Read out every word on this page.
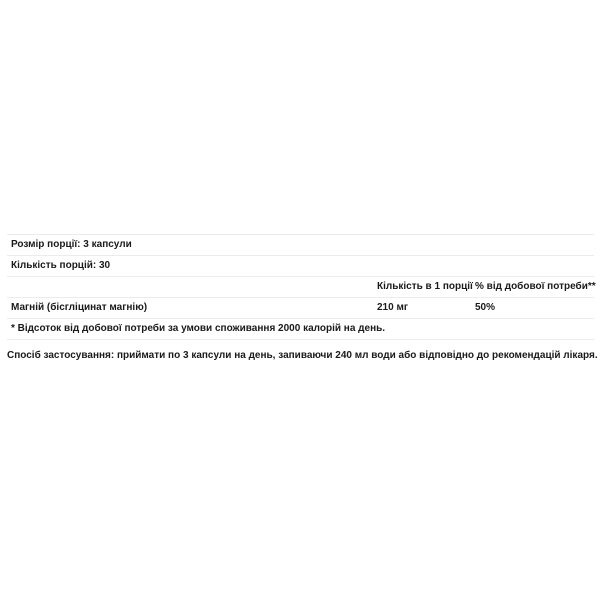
Розмір порції: 3 капсули
Кількість порцій: 30
Кількість в 1 порції % від добової потреби**
Магній (бісгліцинат магнію)	210 мг	50%
* Відсоток від добової потреби за умови споживання 2000 калорій на день.
Спосіб застосування: приймати по 3 капсули на день, запиваючи 240 мл води або відповідно до рекомендацій лікаря.
